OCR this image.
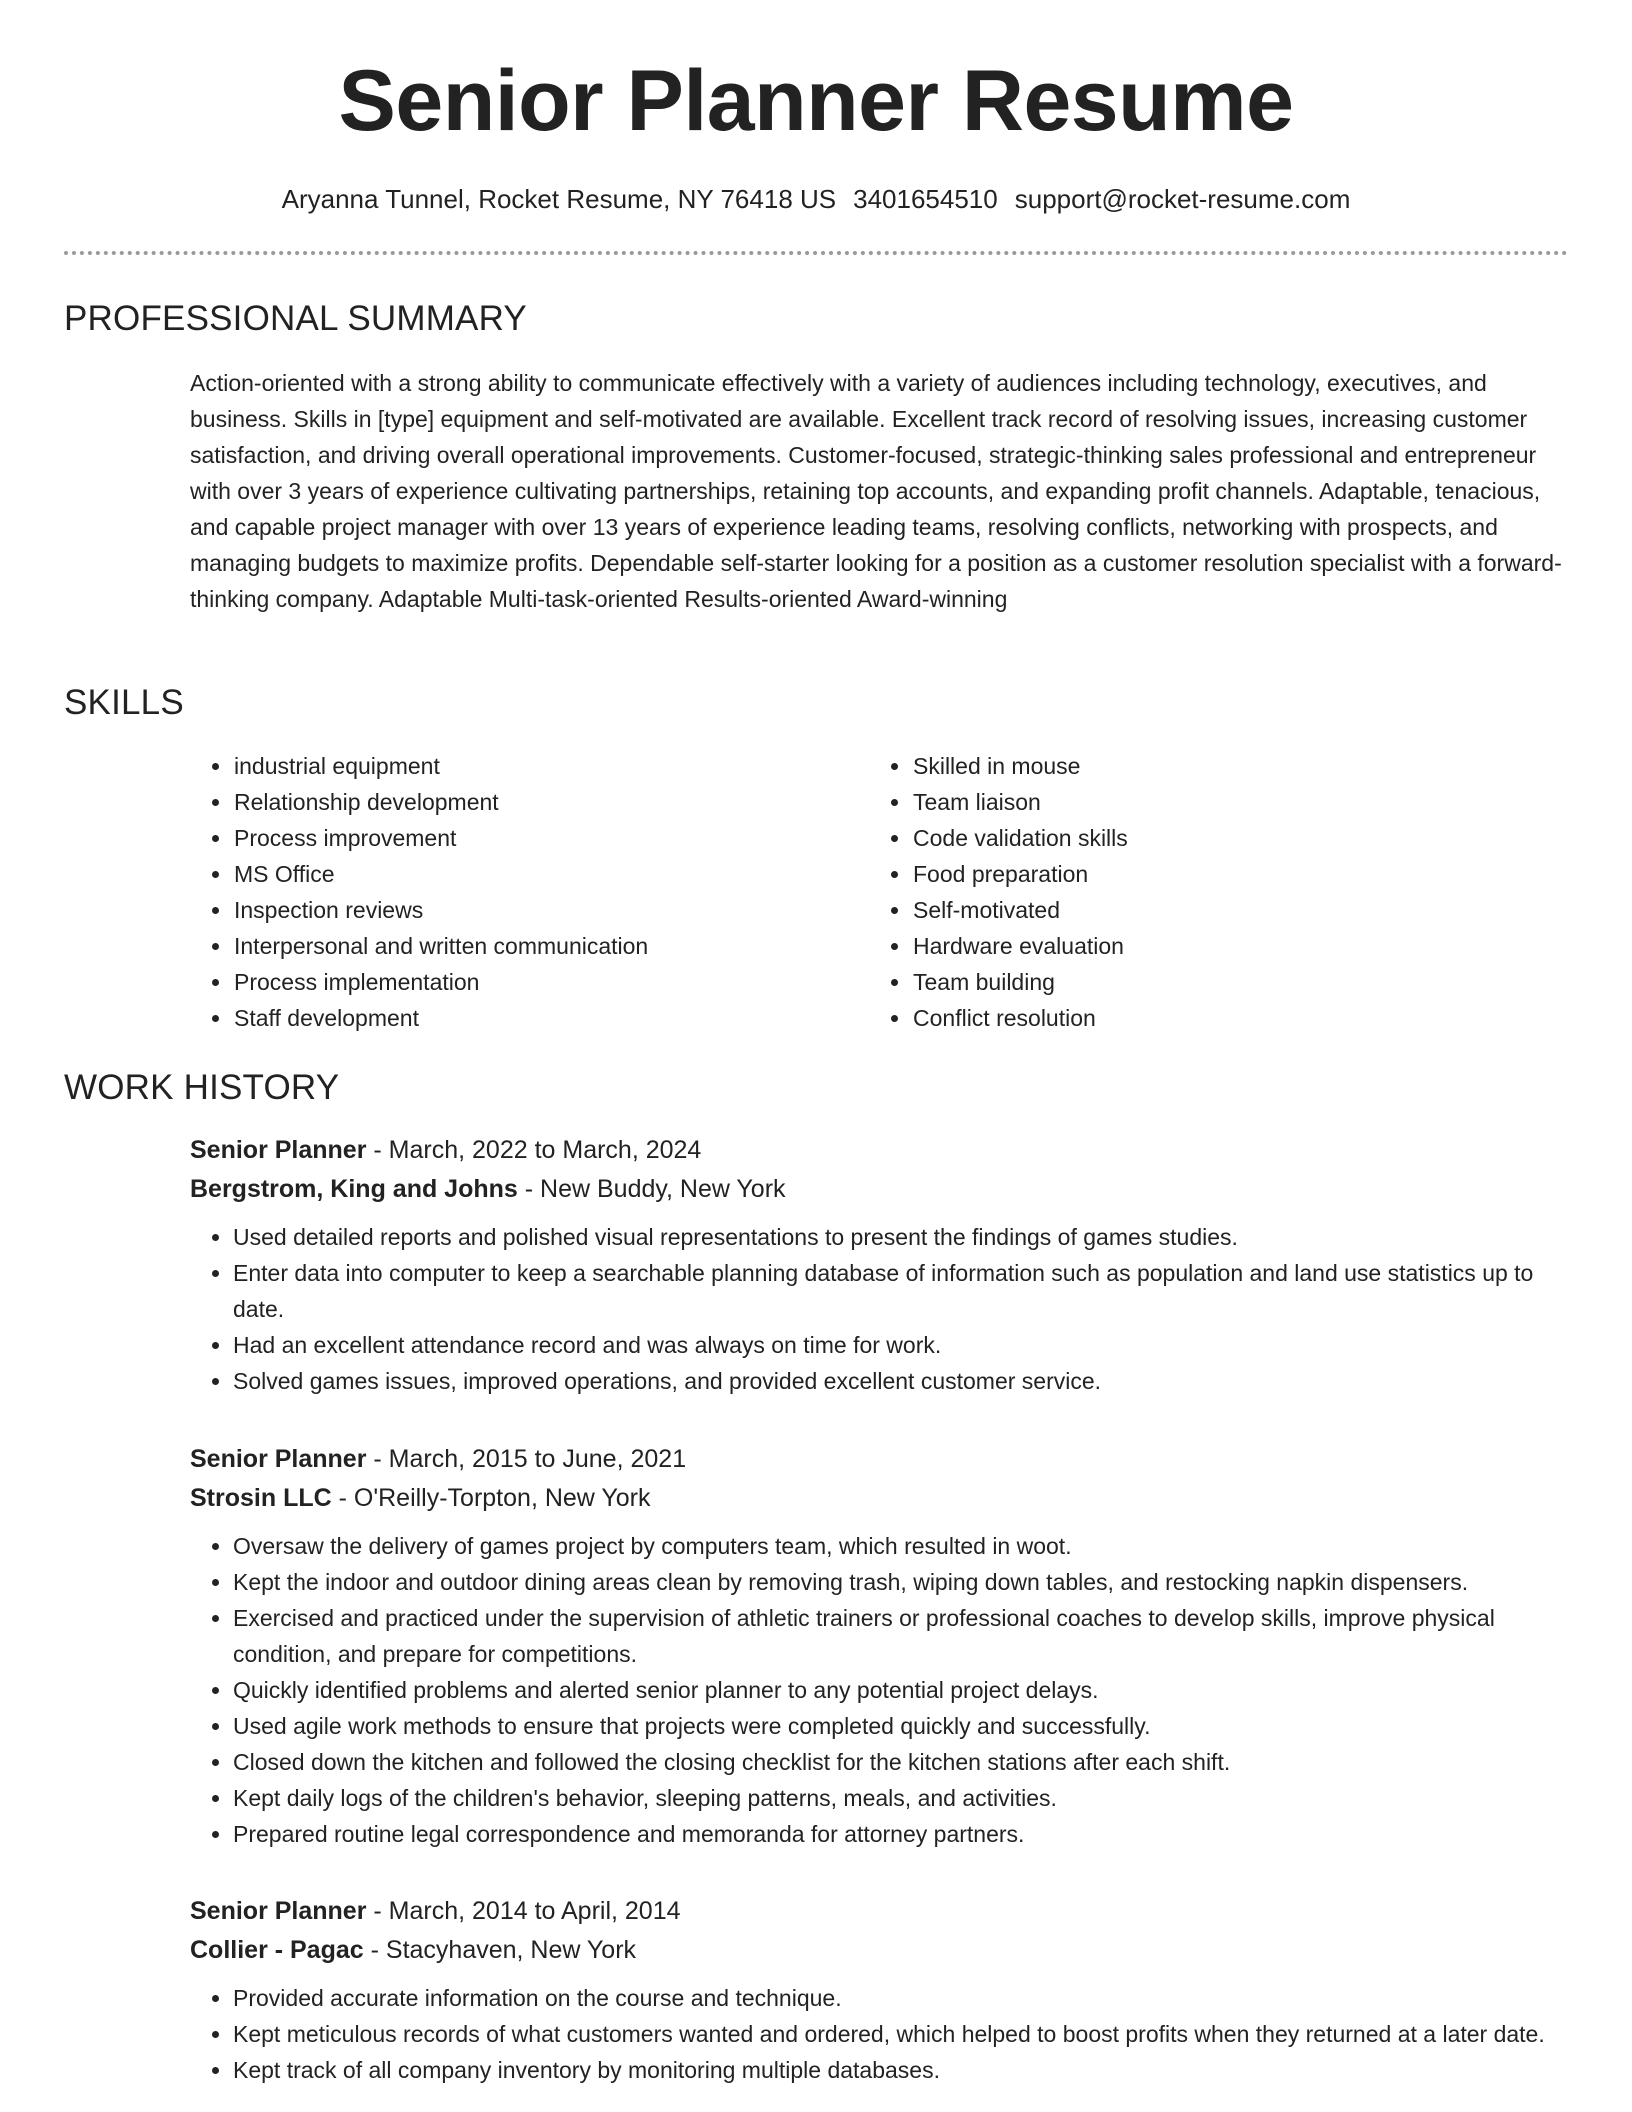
Senior Planner Resume
Aryanna Tunnel, Rocket Resume, NY 76418 US 3401654510 support@rocket-resume.com
PROFESSIONAL SUMMARY
Action-oriented with a strong ability to communicate effectively with a variety of audiences including technology, executives, and business. Skills in [type] equipment and self-motivated are available. Excellent track record of resolving issues, increasing customer satisfaction, and driving overall operational improvements. Customer-focused, strategic-thinking sales professional and entrepreneur with over 3 years of experience cultivating partnerships, retaining top accounts, and expanding profit channels. Adaptable, tenacious, and capable project manager with over 13 years of experience leading teams, resolving conflicts, networking with prospects, and managing budgets to maximize profits. Dependable self-starter looking for a position as a customer resolution specialist with a forward-thinking company. Adaptable Multi-task-oriented Results-oriented Award-winning
SKILLS
• industrial equipment
• Relationship development
• Process improvement
• MS Office
• Inspection reviews
• Interpersonal and written communication
• Process implementation
• Staff development
• Skilled in mouse
• Team liaison
• Code validation skills
• Food preparation
• Self-motivated
• Hardware evaluation
• Team building
• Conflict resolution
WORK HISTORY
Senior Planner - March, 2022 to March, 2024
Bergstrom, King and Johns - New Buddy, New York
• Used detailed reports and polished visual representations to present the findings of games studies.
• Enter data into computer to keep a searchable planning database of information such as population and land use statistics up to date.
• Had an excellent attendance record and was always on time for work.
• Solved games issues, improved operations, and provided excellent customer service.
Senior Planner - March, 2015 to June, 2021
Strosin LLC - O'Reilly-Torpton, New York
• Oversaw the delivery of games project by computers team, which resulted in woot.
• Kept the indoor and outdoor dining areas clean by removing trash, wiping down tables, and restocking napkin dispensers.
• Exercised and practiced under the supervision of athletic trainers or professional coaches to develop skills, improve physical condition, and prepare for competitions.
• Quickly identified problems and alerted senior planner to any potential project delays.
• Used agile work methods to ensure that projects were completed quickly and successfully.
• Closed down the kitchen and followed the closing checklist for the kitchen stations after each shift.
• Kept daily logs of the children's behavior, sleeping patterns, meals, and activities.
• Prepared routine legal correspondence and memoranda for attorney partners.
Senior Planner - March, 2014 to April, 2014
Collier - Pagac - Stacyhaven, New York
• Provided accurate information on the course and technique.
• Kept meticulous records of what customers wanted and ordered, which helped to boost profits when they returned at a later date.
• Kept track of all company inventory by monitoring multiple databases.
